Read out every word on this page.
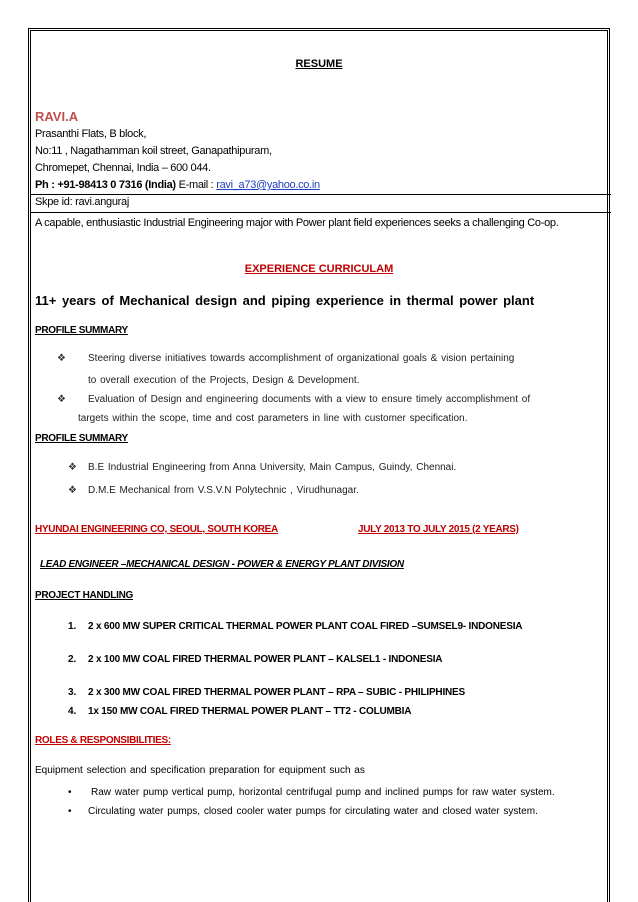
RESUME
RAVI.A
Prasanthi Flats, B block,
No:11 , Nagathamman koil street, Ganapathipuram,
Chromepet, Chennai, India – 600 044.
Ph : +91-98413 0 7316 (India) E-mail : ravi_a73@yahoo.co.in
Skpe id: ravi.anguraj
A capable, enthusiastic Industrial Engineering major with Power plant field experiences seeks a challenging Co-op.
EXPERIENCE CURRICULAM
11+ years of Mechanical design and piping experience in thermal power plant
PROFILE SUMMARY
❖ Steering diverse initiatives towards accomplishment of organizational goals & vision pertaining
to overall execution of the Projects, Design & Development.
❖ Evaluation of Design and engineering documents with a view to ensure timely accomplishment of
targets within the scope, time and cost parameters in line with customer specification.
PROFILE SUMMARY
❖ B.E Industrial Engineering from Anna University, Main Campus, Guindy, Chennai.
❖ D.M.E Mechanical from V.S.V.N Polytechnic , Virudhunagar.
HYUNDAI ENGINEERING CO, SEOUL, SOUTH KOREA	JULY 2013 TO JULY 2015 (2 YEARS)
LEAD ENGINEER –MECHANICAL DESIGN - POWER & ENERGY PLANT DIVISION
PROJECT HANDLING
1. 2 x 600 MW SUPER CRITICAL THERMAL POWER PLANT COAL FIRED –SUMSEL9- INDONESIA
2. 2 x 100 MW COAL FIRED THERMAL POWER PLANT – KALSEL1 - INDONESIA
3. 2 x 300 MW COAL FIRED THERMAL POWER PLANT – RPA – SUBIC - PHILIPHINES
4. 1x 150 MW COAL FIRED THERMAL POWER PLANT – TT2 - COLUMBIA
ROLES & RESPONSIBILITIES:
Equipment selection and specification preparation for equipment such as
• Raw water pump vertical pump, horizontal centrifugal pump and inclined pumps for raw water system.
• Circulating water pumps, closed cooler water pumps for circulating water and closed water system.
